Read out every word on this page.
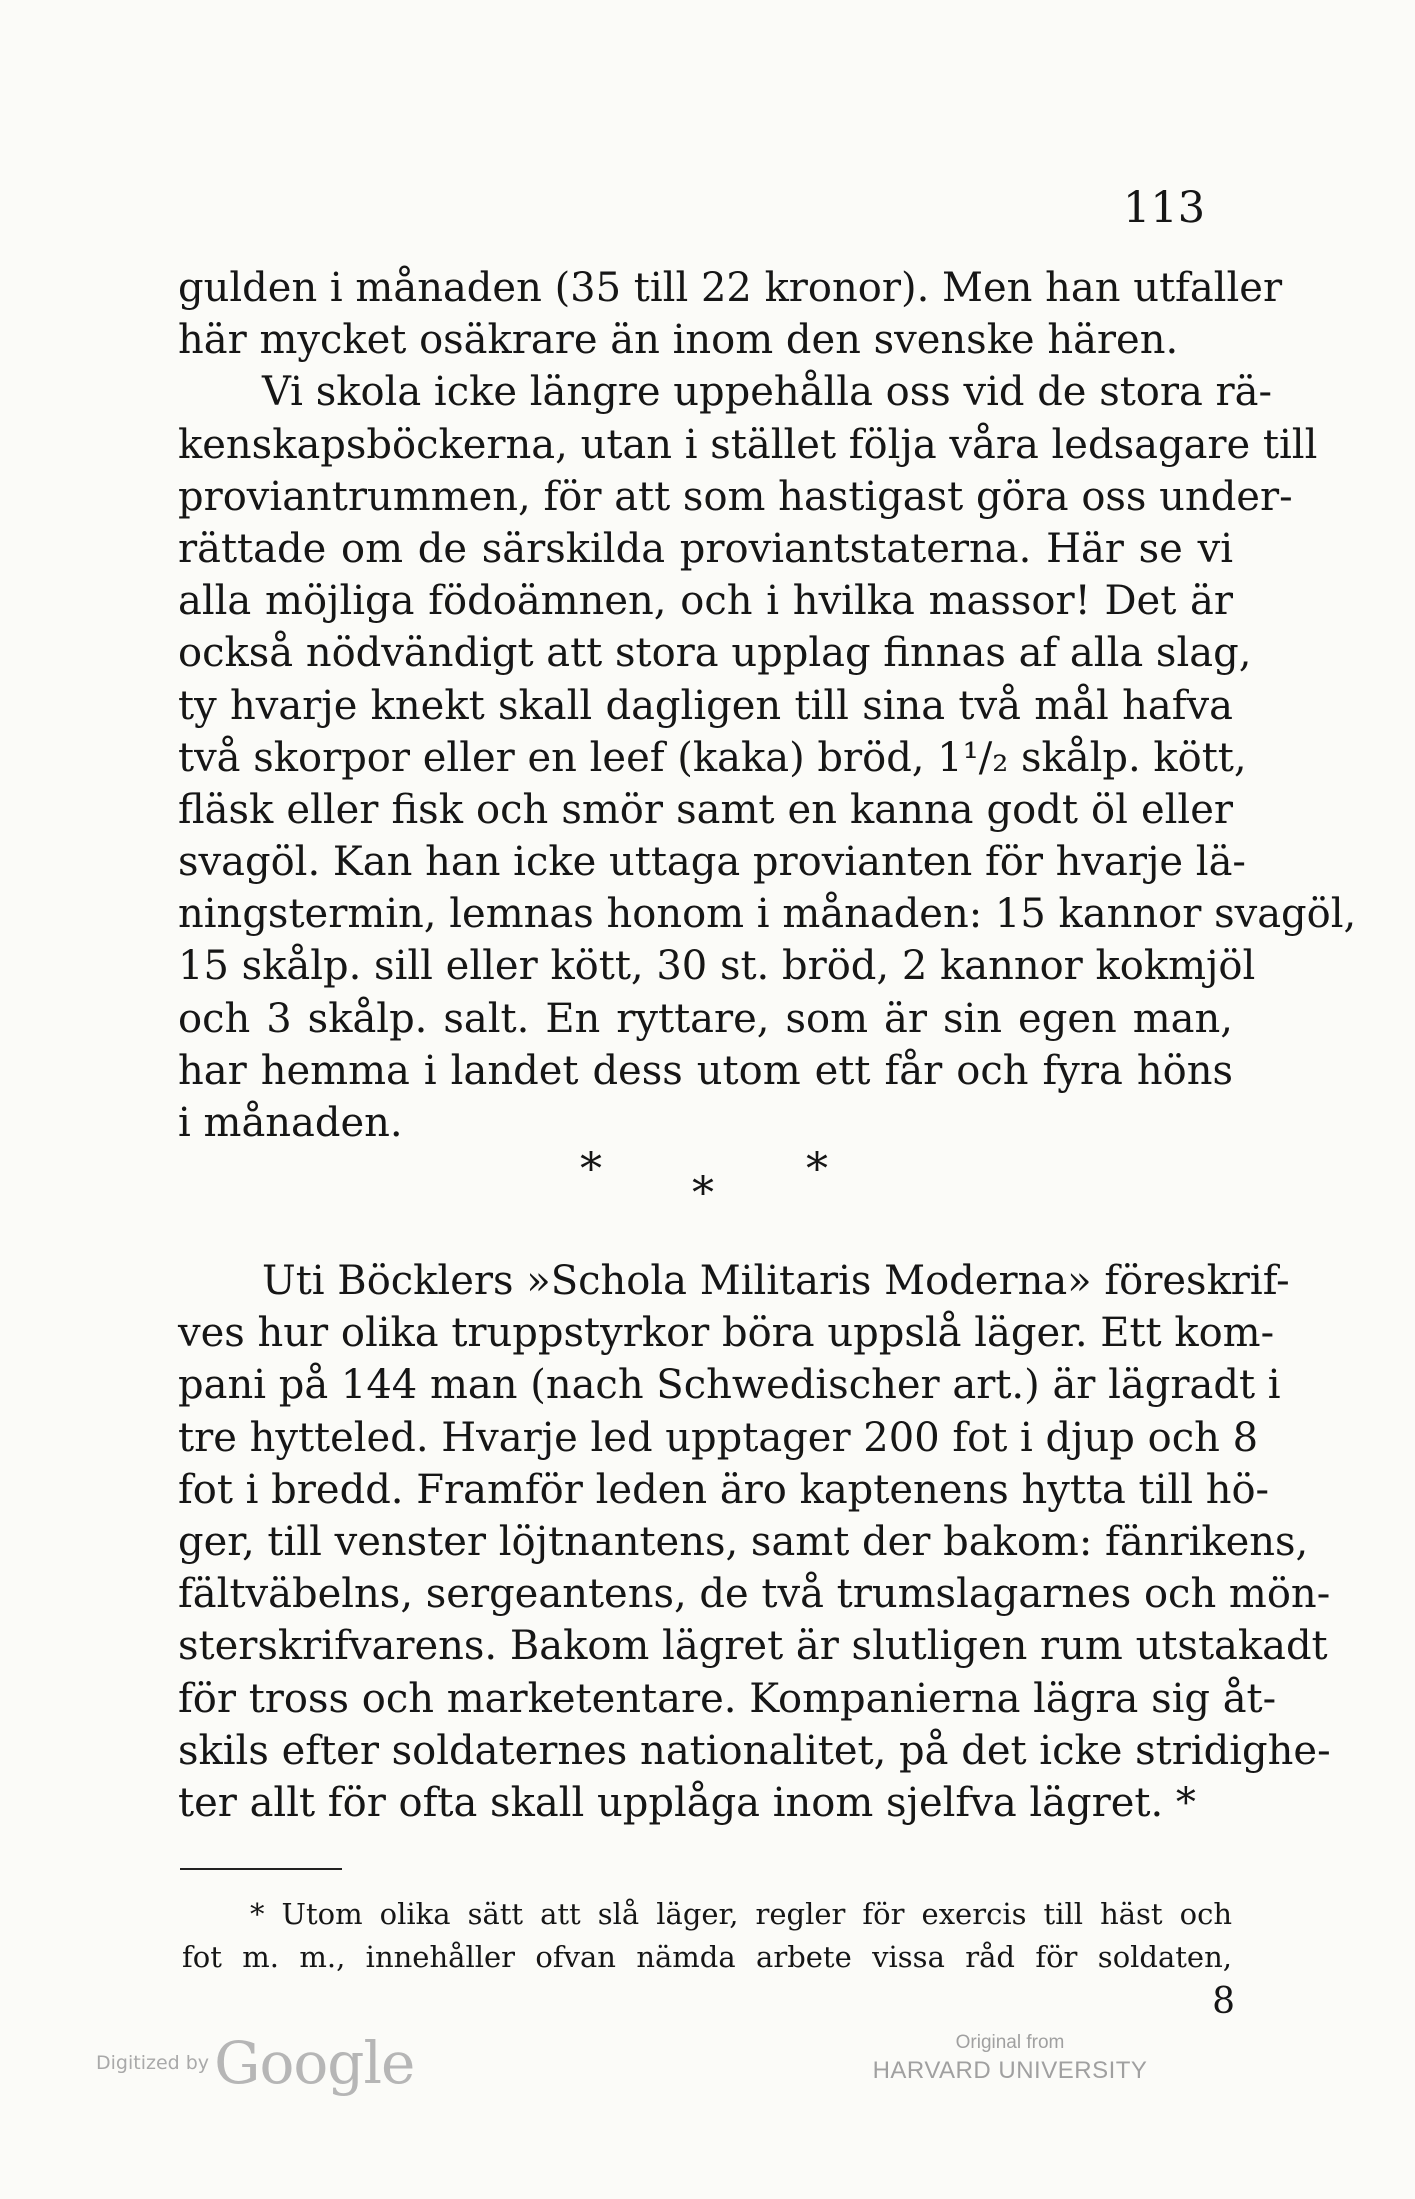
113
gulden i månaden (35 till 22 kronor). Men han utfaller
här mycket osäkrare än inom den svenske hären.
Vi skola icke längre uppehålla oss vid de stora rä-
kenskapsböckerna, utan i stället följa våra ledsagare till
proviantrummen, för att som hastigast göra oss under-
rättade om de särskilda proviantstaterna. Här se vi
alla möjliga födoämnen, och i hvilka massor! Det är
också nödvändigt att stora upplag finnas af alla slag,
ty hvarje knekt skall dagligen till sina två mål hafva
två skorpor eller en leef (kaka) bröd, 1¹/₂ skålp. kött,
fläsk eller fisk och smör samt en kanna godt öl eller
svagöl. Kan han icke uttaga provianten för hvarje lä-
ningstermin, lemnas honom i månaden: 15 kannor svagöl,
15 skålp. sill eller kött, 30 st. bröd, 2 kannor kokmjöl
och 3 skålp. salt. En ryttare, som är sin egen man,
har hemma i landet dess utom ett får och fyra höns
i månaden.
*	*
*
Uti Böcklers »Schola Militaris Moderna» föreskrif-
ves hur olika truppstyrkor böra uppslå läger. Ett kom-
pani på 144 man (nach Schwedischer art.) är lägradt i
tre hytteled. Hvarje led upptager 200 fot i djup och 8
fot i bredd. Framför leden äro kaptenens hytta till hö-
ger, till venster löjtnantens, samt der bakom: fänrikens,
fältväbelns, sergeantens, de två trumslagarnes och mön-
sterskrifvarens. Bakom lägret är slutligen rum utstakadt
för tross och marketentare. Kompanierna lägra sig åt-
skils efter soldaternes nationalitet, på det icke stridighe-
ter allt för ofta skall upplåga inom sjelfva lägret. *
* Utom olika sätt att slå läger, regler för exercis till häst och
fot m. m., innehåller ofvan nämda arbete vissa råd för soldaten,
8
Digitized by Google	Original from
HARVARD UNIVERSITY
